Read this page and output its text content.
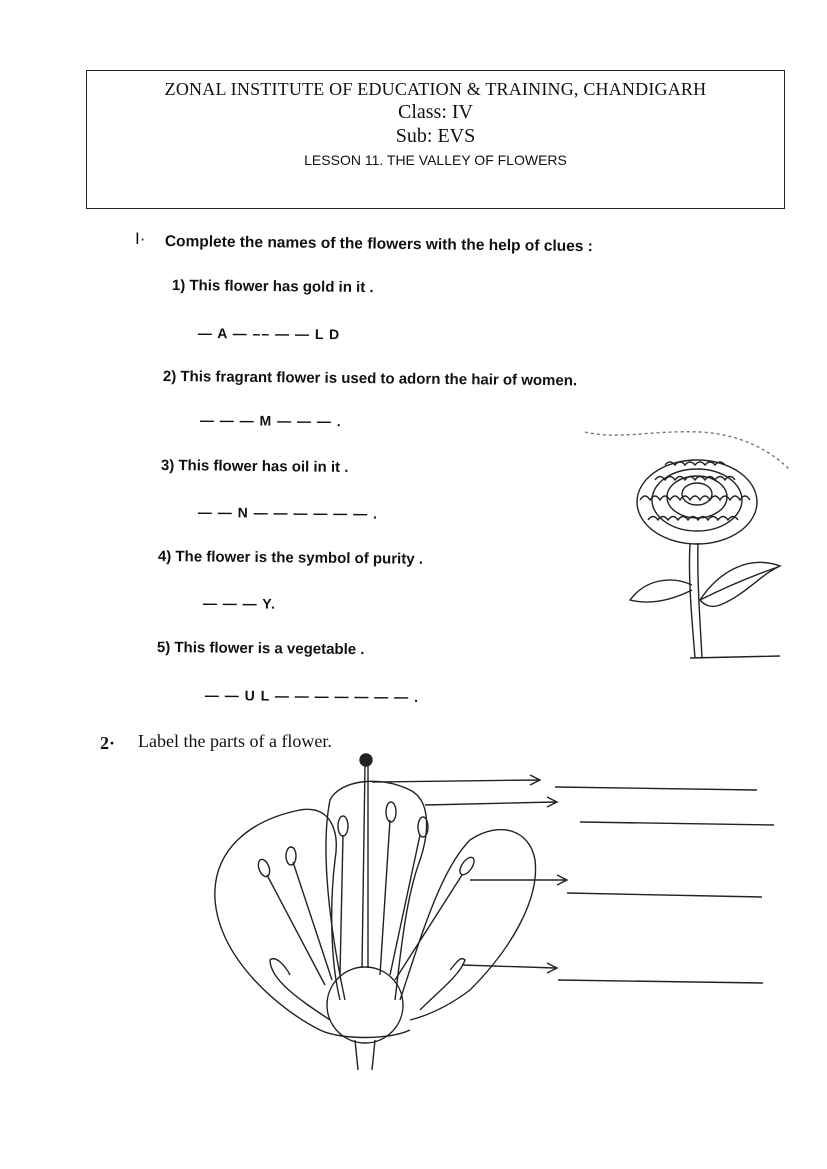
ZONAL INSTITUTE OF EDUCATION & TRAINING, CHANDIGARH
Class: IV
Sub: EVS
LESSON 11. THE VALLEY OF FLOWERS
I· Complete the names of the flowers with the help of clues :
1) This flower has gold in it .
— A — –– — — L D
2) This fragrant flower is used to adorn the hair of women.
— — — M — — — .
3) This flower has oil in it .
— — N — — — — — — .
4) The flower is the symbol of purity .
— — — Y.
5) This flower is a vegetable .
— — U L — — — — — — — .
2· Label the parts of a flower.
